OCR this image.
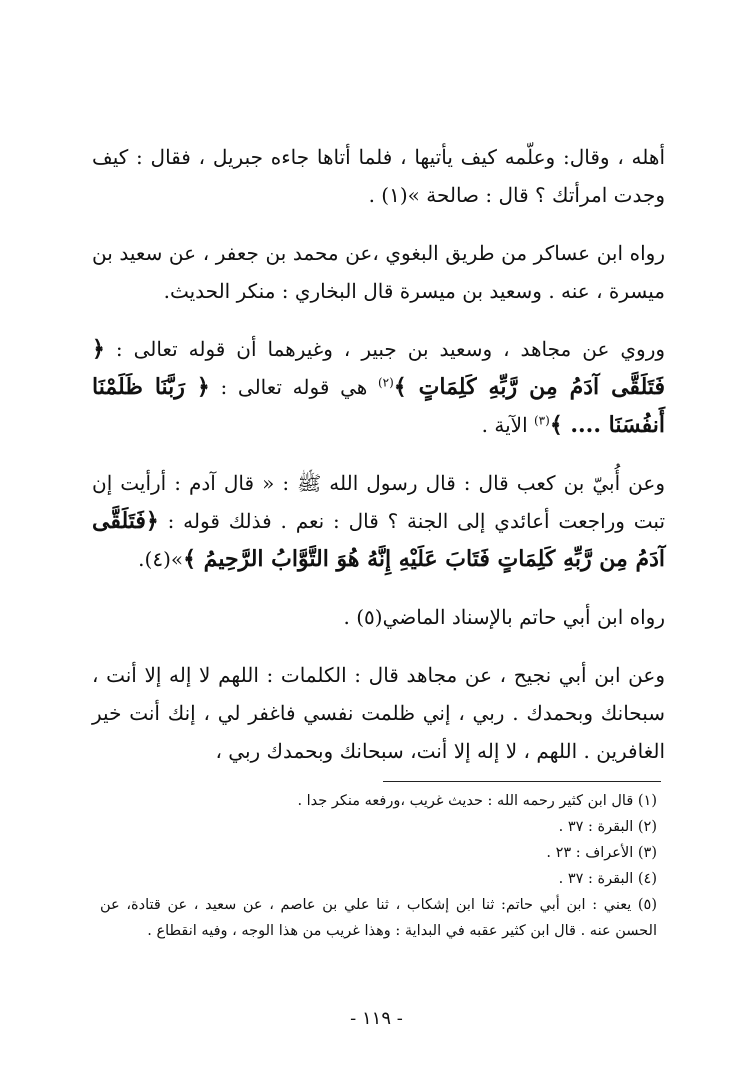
أهله ، وقال: وعلّمه كيف يأتيها ، فلما أتاها جاءه جبريل ، فقال : كيف وجدت امرأتك ؟ قال : صالحة »(١) .

رواه ابن عساكر من طريق البغوي ،عن محمد بن جعفر ، عن سعيد بن ميسرة ، عنه . وسعيد بن ميسرة قال البخاري : منكر الحديث.

وروي عن مجاهد ، وسعيد بن جبير ، وغيرهما أن قوله تعالى : ﴿ فَتَلَقَّى آدَمُ مِن رَّبِّهِ كَلِمَاتٍ ﴾$^{(٢)}$ هي قوله تعالى : ﴿ رَبَّنَا ظَلَمْنَا أَنفُسَنَا .... ﴾$^{(٣)}$ الآية .

وعن أُبيّ بن كعب قال : قال رسول الله ﷺ : « قال آدم : أرأيت إن تبت وراجعت أعائدي إلى الجنة ؟ قال : نعم . فذلك قوله : ﴿فَتَلَقَّى آدَمُ مِن رَّبِّهِ كَلِمَاتٍ فَتَابَ عَلَيْهِ إِنَّهُ هُوَ التَّوَّابُ الرَّحِيمُ ﴾»(٤).

رواه ابن أبي حاتم بالإسناد الماضي(٥) .

وعن ابن أبي نجيح ، عن مجاهد قال : الكلمات : اللهم لا إله إلا أنت ، سبحانك وبحمدك . ربي ، إني ظلمت نفسي فاغفر لي ، إنك أنت خير الغافرين . اللهم ، لا إله إلا أنت، سبحانك وبحمدك ربي ،

(١) قال ابن كثير رحمه الله : حديث غريب ،ورفعه منكر جدا .

(٢) البقرة : ٣٧ .

(٣) الأعراف : ٢٣ .

(٤) البقرة : ٣٧ .

(٥) يعني : ابن أبي حاتم: ثنا ابن إشكاب ، ثنا علي بن عاصم ، عن سعيد ، عن قتادة، عن الحسن عنه . قال ابن كثير عقبه في البداية : وهذا غريب من هذا الوجه ، وفيه انقطاع .

- ١١٩ -
